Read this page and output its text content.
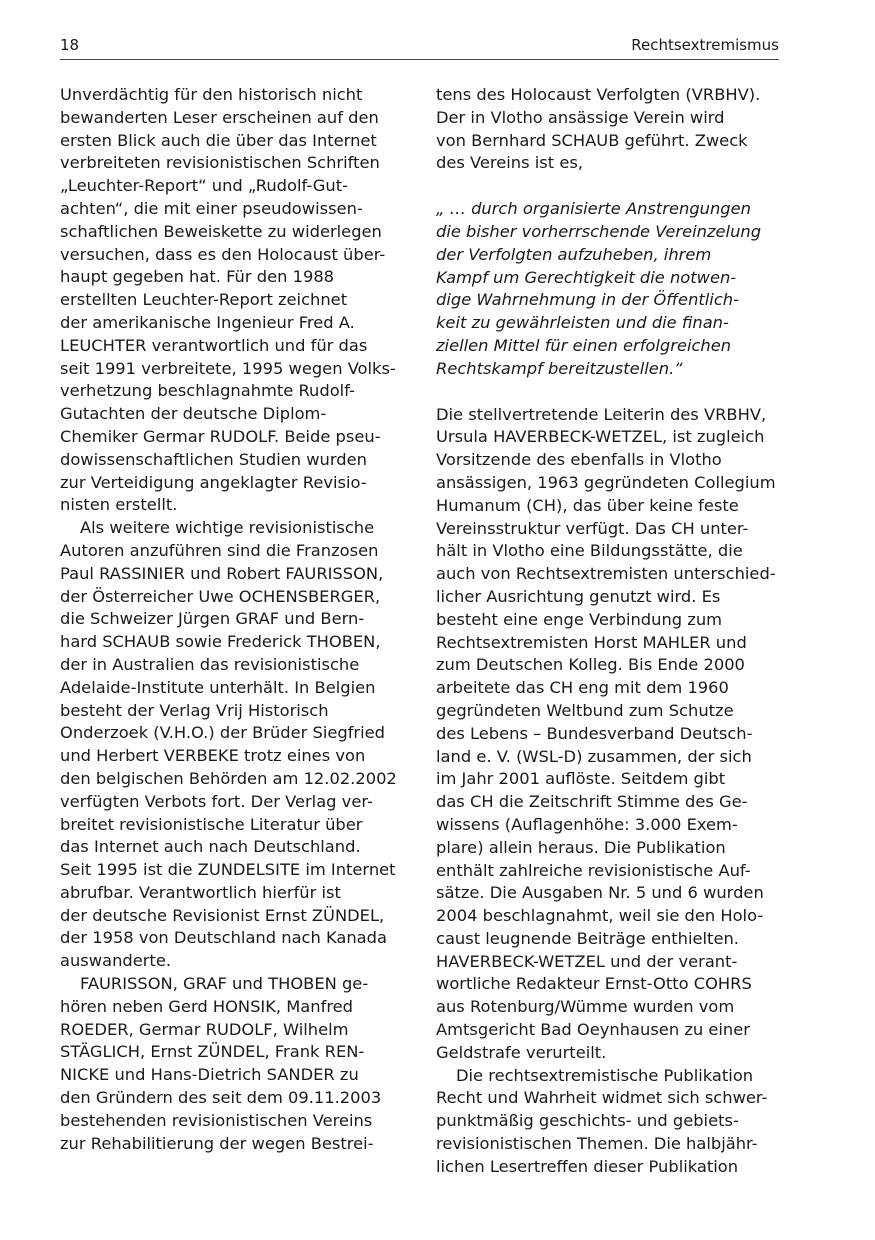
18	Rechtsextremismus
Unverdächtig für den historisch nicht
bewanderten Leser erscheinen auf den
ersten Blick auch die über das Internet
verbreiteten revisionistischen Schriften
„Leuchter-Report“ und „Rudolf-Gut-
achten“, die mit einer pseudowissen-
schaftlichen Beweiskette zu widerlegen
versuchen, dass es den Holocaust über-
haupt gegeben hat. Für den 1988
erstellten Leuchter-Report zeichnet
der amerikanische Ingenieur Fred A.
LEUCHTER verantwortlich und für das
seit 1991 verbreitete, 1995 wegen Volks-
verhetzung beschlagnahmte Rudolf-
Gutachten der deutsche Diplom-
Chemiker Germar RUDOLF. Beide pseu-
dowissenschaftlichen Studien wurden
zur Verteidigung angeklagter Revisio-
nisten erstellt.
Als weitere wichtige revisionistische
Autoren anzuführen sind die Franzosen
Paul RASSINIER und Robert FAURISSON,
der Österreicher Uwe OCHENSBERGER,
die Schweizer Jürgen GRAF und Bern-
hard SCHAUB sowie Frederick THOBEN,
der in Australien das revisionistische
Adelaide-Institute unterhält. In Belgien
besteht der Verlag Vrij Historisch
Onderzoek (V.H.O.) der Brüder Siegfried
und Herbert VERBEKE trotz eines von
den belgischen Behörden am 12.02.2002
verfügten Verbots fort. Der Verlag ver-
breitet revisionistische Literatur über
das Internet auch nach Deutschland.
Seit 1995 ist die ZUNDELSITE im Internet
abrufbar. Verantwortlich hierfür ist
der deutsche Revisionist Ernst ZÜNDEL,
der 1958 von Deutschland nach Kanada
auswanderte.
FAURISSON, GRAF und THOBEN ge-
hören neben Gerd HONSIK, Manfred
ROEDER, Germar RUDOLF, Wilhelm
STÄGLICH, Ernst ZÜNDEL, Frank REN-
NICKE und Hans-Dietrich SANDER zu
den Gründern des seit dem 09.11.2003
bestehenden revisionistischen Vereins
zur Rehabilitierung der wegen Bestrei-
tens des Holocaust Verfolgten (VRBHV).
Der in Vlotho ansässige Verein wird
von Bernhard SCHAUB geführt. Zweck
des Vereins ist es,
„ … durch organisierte Anstrengungen
die bisher vorherrschende Vereinzelung
der Verfolgten aufzuheben, ihrem
Kampf um Gerechtigkeit die notwen-
dige Wahrnehmung in der Öffentlich-
keit zu gewährleisten und die finan-
ziellen Mittel für einen erfolgreichen
Rechtskampf bereitzustellen.“
Die stellvertretende Leiterin des VRBHV,
Ursula HAVERBECK-WETZEL, ist zugleich
Vorsitzende des ebenfalls in Vlotho
ansässigen, 1963 gegründeten Collegium
Humanum (CH), das über keine feste
Vereinsstruktur verfügt. Das CH unter-
hält in Vlotho eine Bildungsstätte, die
auch von Rechtsextremisten unterschied-
licher Ausrichtung genutzt wird. Es
besteht eine enge Verbindung zum
Rechtsextremisten Horst MAHLER und
zum Deutschen Kolleg. Bis Ende 2000
arbeitete das CH eng mit dem 1960
gegründeten Weltbund zum Schutze
des Lebens – Bundesverband Deutsch-
land e. V. (WSL-D) zusammen, der sich
im Jahr 2001 auflöste. Seitdem gibt
das CH die Zeitschrift Stimme des Ge-
wissens (Auflagenhöhe: 3.000 Exem-
plare) allein heraus. Die Publikation
enthält zahlreiche revisionistische Auf-
sätze. Die Ausgaben Nr. 5 und 6 wurden
2004 beschlagnahmt, weil sie den Holo-
caust leugnende Beiträge enthielten.
HAVERBECK-WETZEL und der verant-
wortliche Redakteur Ernst-Otto COHRS
aus Rotenburg/Wümme wurden vom
Amtsgericht Bad Oeynhausen zu einer
Geldstrafe verurteilt.
Die rechtsextremistische Publikation
Recht und Wahrheit widmet sich schwer-
punktmäßig geschichts- und gebiets-
revisionistischen Themen. Die halbjähr-
lichen Lesertreffen dieser Publikation
